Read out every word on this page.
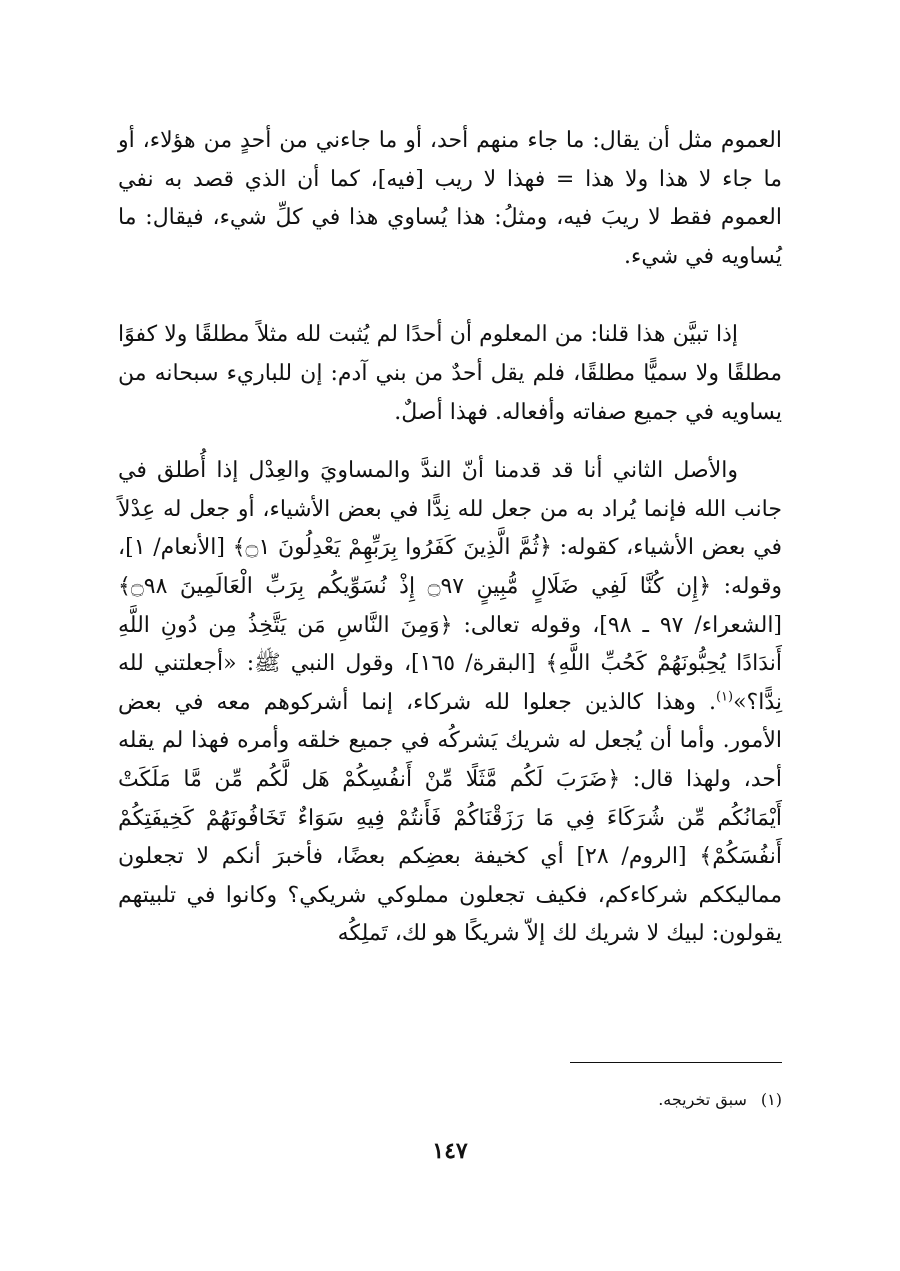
العموم مثل أن يقال: ما جاء منهم أحد، أو ما جاءني من أحدٍ من هؤلاء، أو ما جاء لا هذا ولا هذا = فهذا لا ريب [فيه]، كما أن الذي قصد به نفي العموم فقط لا ريبَ فيه، ومثلُ: هذا يُساوي هذا في كلِّ شيء، فيقال: ما يُساويه في شيء.

إذا تبيَّن هذا قلنا: من المعلوم أن أحدًا لم يُثبت لله مثلاً مطلقًا ولا كفوًا مطلقًا ولا سميًّا مطلقًا، فلم يقل أحدٌ من بني آدم: إن للباريء سبحانه من يساويه في جميع صفاته وأفعاله. فهذا أصلٌ.

والأصل الثاني أنا قد قدمنا أنّ الندَّ والمساويَ والعِدْل إذا أُطلق في جانب الله فإنما يُراد به من جعل لله نِدًّا في بعض الأشياء، أو جعل له عِدْلاً في بعض الأشياء، كقوله: ﴿ثُمَّ الَّذِينَ كَفَرُوا بِرَبِّهِمْ يَعْدِلُونَ ۝١﴾ [الأنعام/ ١]، وقوله: ﴿إِن كُنَّا لَفِي ضَلَالٍ مُّبِينٍ ۝٩٧ إِذْ نُسَوِّيكُم بِرَبِّ الْعَالَمِينَ ۝٩٨﴾ [الشعراء/ ٩٧ ـ ٩٨]، وقوله تعالى: ﴿وَمِنَ النَّاسِ مَن يَتَّخِذُ مِن دُونِ اللَّهِ أَندَادًا يُحِبُّونَهُمْ كَحُبِّ اللَّهِ﴾ [البقرة/ ١٦٥]، وقول النبي ﷺ: «أجعلتني لله نِدًّا؟»$^{(١)}$. وهذا كالذين جعلوا لله شركاء، إنما أشركوهم معه في بعض الأمور. وأما أن يُجعل له شريك يَشركُه في جميع خلقه وأمره فهذا لم يقله أحد، ولهذا قال: ﴿ضَرَبَ لَكُم مَّثَلًا مِّنْ أَنفُسِكُمْ هَل لَّكُم مِّن مَّا مَلَكَتْ أَيْمَانُكُم مِّن شُرَكَاءَ فِي مَا رَزَقْنَاكُمْ فَأَنتُمْ فِيهِ سَوَاءٌ تَخَافُونَهُمْ كَخِيفَتِكُمْ أَنفُسَكُمْ﴾ [الروم/ ٢٨] أي كخيفة بعضِكم بعضًا، فأخبرَ أنكم لا تجعلون مماليككم شركاءكم، فكيف تجعلون مملوكي شريكي؟ وكانوا في تلبيتهم يقولون: لبيك لا شريك لك إلاّ شريكًا هو لك، تَملِكُه

(١)سبق تخريجه.
١٤٧
